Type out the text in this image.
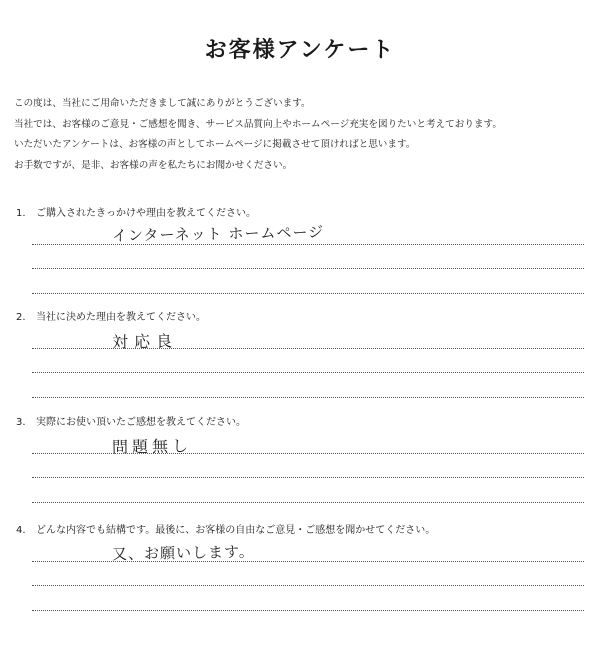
お客様アンケート
この度は、当社にご用命いただきまして誠にありがとうございます。
当社では、お客様のご意見・ご感想を聞き、サービス品質向上やホームページ充実を図りたいと考えております。
いただいたアンケートは、お客様の声としてホームページに掲載させて頂ければと思います。
お手数ですが、是非、お客様の声を私たちにお聞かせください。
1. ご購入されたきっかけや理由を教えてください。
インターネット ホームページ
2. 当社に決めた理由を教えてください。
対応良
3. 実際にお使い頂いたご感想を教えてください。
問題無し
4. どんな内容でも結構です。最後に、お客様の自由なご意見・ご感想を聞かせてください。
又、お願いします。
